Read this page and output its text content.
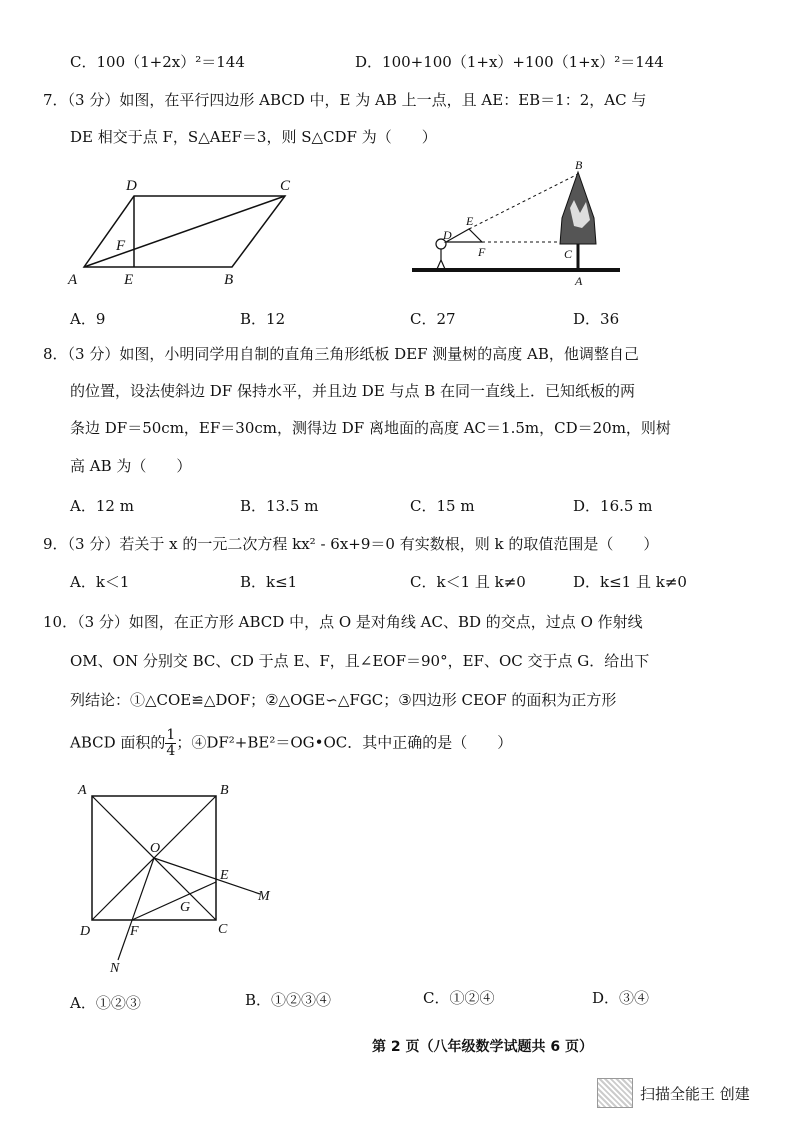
C．100（1+2x）²＝144	D．100+100（1+x）+100（1+x）²＝144
7．（3 分）如图，在平行四边形 ABCD 中，E 为 AB 上一点，且 AE：EB＝1：2，AC 与
DE 相交于点 F，S△AEF＝3，则 S△CDF 为（　　）
D	C
F
A	E	B
B
E
D
F	C
A
A．9	B．12	C．27	D．36
8．（3 分）如图，小明同学用自制的直角三角形纸板 DEF 测量树的高度 AB，他调整自己
的位置，设法使斜边 DF 保持水平，并且边 DE 与点 B 在同一直线上．已知纸板的两
条边 DF＝50cm，EF＝30cm，测得边 DF 离地面的高度 AC＝1.5m，CD＝20m，则树
高 AB 为（　　）
A．12 m	B．13.5 m	C．15 m	D．16.5 m
9．（3 分）若关于 x 的一元二次方程 kx² - 6x+9＝0 有实数根，则 k 的取值范围是（　　）
A．k＜1	B．k≤1	C．k＜1 且 k≠0	D．k≤1 且 k≠0
10．（3 分）如图，在正方形 ABCD 中，点 O 是对角线 AC、BD 的交点，过点 O 作射线
OM、ON 分别交 BC、CD 于点 E、F，且∠EOF＝90°，EF、OC 交于点 G．给出下
列结论：①△COE≌△DOF；②△OGE∽△FGC；③四边形 CEOF 的面积为正方形
ABCD 面积的 $\frac{1}{4}$ ；④DF²+BE²＝OG•OC．其中正确的是（　　）
A	B
O
E
M
G
D	F	C
N
A．①②③	B．①②③④	C．①②④	D．③④
第 2 页（八年级数学试题共 6 页）
扫描全能王 创建
